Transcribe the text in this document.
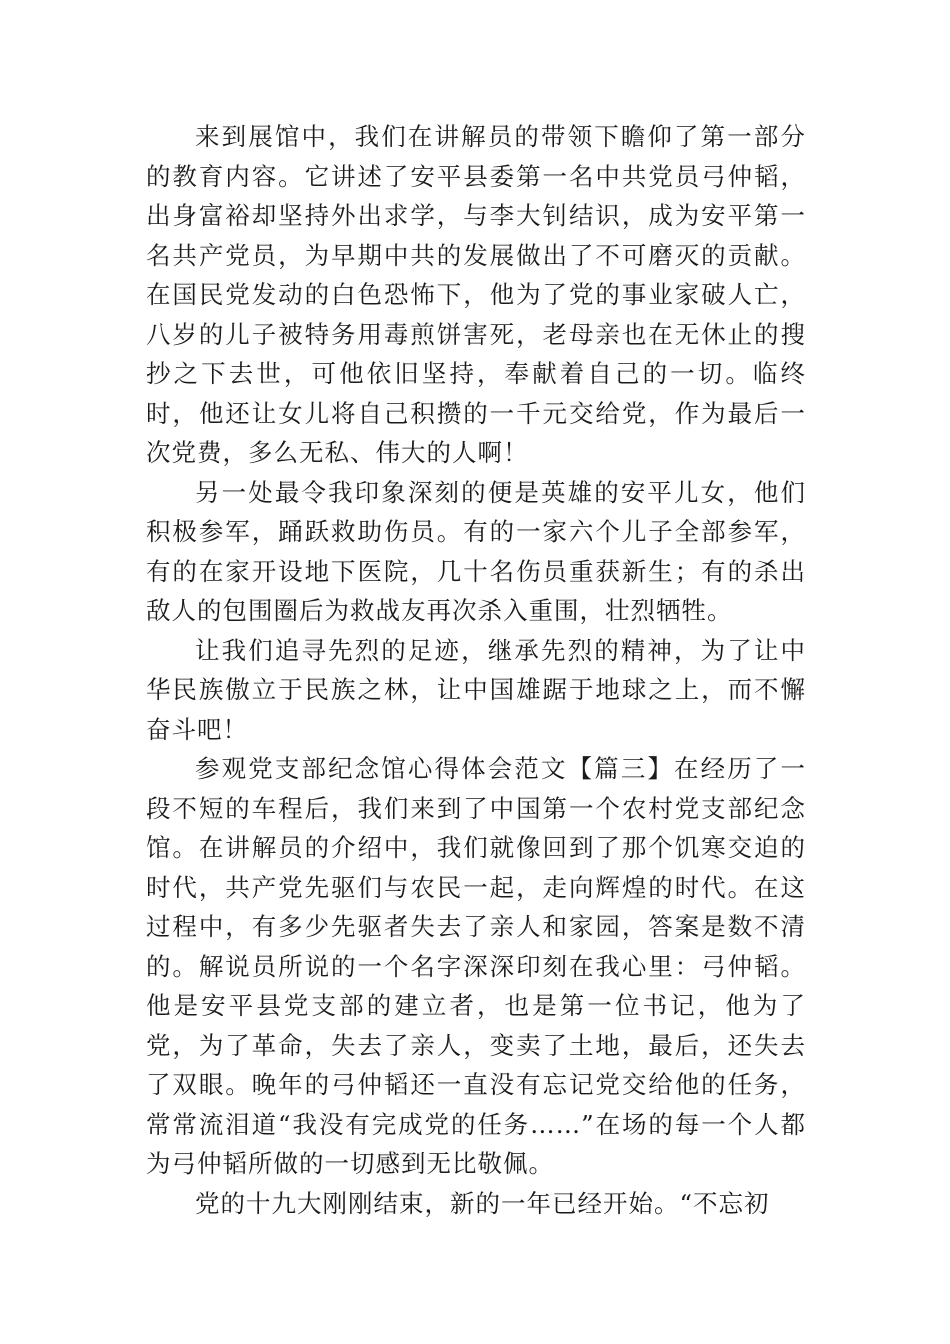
来到展馆中，我们在讲解员的带领下瞻仰了第一部分的教育内容。它讲述了安平县委第一名中共党员弓仲韬，出身富裕却坚持外出求学，与李大钊结识，成为安平第一名共产党员，为早期中共的发展做出了不可磨灭的贡献。在国民党发动的白色恐怖下，他为了党的事业家破人亡，八岁的儿子被特务用毒煎饼害死，老母亲也在无休止的搜抄之下去世，可他依旧坚持，奉献着自己的一切。临终时，他还让女儿将自己积攒的一千元交给党，作为最后一次党费，多么无私、伟大的人啊！

另一处最令我印象深刻的便是英雄的安平儿女，他们积极参军，踊跃救助伤员。有的一家六个儿子全部参军，有的在家开设地下医院，几十名伤员重获新生；有的杀出敌人的包围圈后为救战友再次杀入重围，壮烈牺牲。

让我们追寻先烈的足迹，继承先烈的精神，为了让中华民族傲立于民族之林，让中国雄踞于地球之上，而不懈奋斗吧！

参观党支部纪念馆心得体会范文【篇三】在经历了一段不短的车程后，我们来到了中国第一个农村党支部纪念馆。在讲解员的介绍中，我们就像回到了那个饥寒交迫的时代，共产党先驱们与农民一起，走向辉煌的时代。在这过程中，有多少先驱者失去了亲人和家园，答案是数不清的。解说员所说的一个名字深深印刻在我心里：弓仲韬。他是安平县党支部的建立者，也是第一位书记，他为了党，为了革命，失去了亲人，变卖了土地，最后，还失去了双眼。晚年的弓仲韬还一直没有忘记党交给他的任务，常常流泪道“我没有完成党的任务……”在场的每一个人都为弓仲韬所做的一切感到无比敬佩。

党的十九大刚刚结束，新的一年已经开始。“不忘初
